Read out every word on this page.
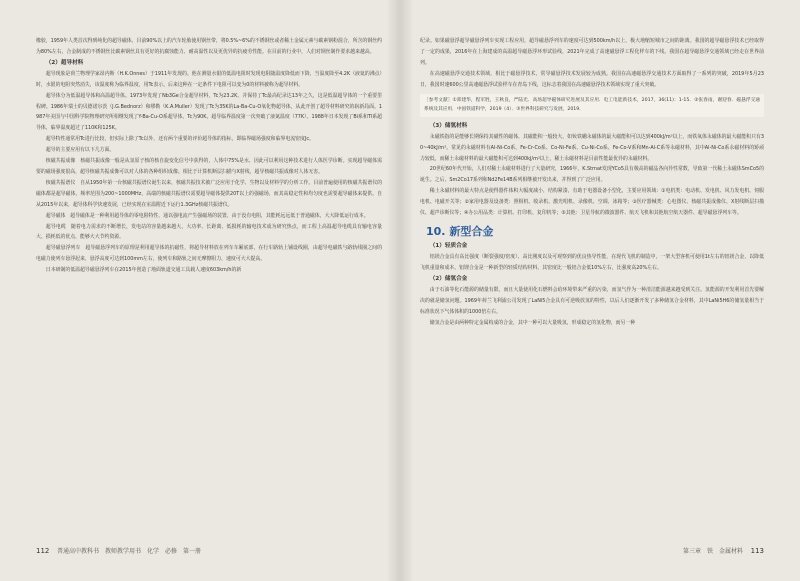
橡胶，1959年人类首次得到纯化的超导磁体，目前90%以上的汽车轮胎使用钢丝带，将0.5%~6%的不锈钢丝或者稀土金属元素与碳素钢粉混合，所含的钢丝约为80%左右，合金制成的不锈钢丝比碳素钢丝具有更好的抗腐蚀能力、耐高温性以及更优异的抗疲劳性能。在目前的行业中，人们对钢丝制作要求越来越高。

（2）超导材料

超导现象是荷兰物理学家昂内斯（H.K.Onnes）于1911年发现的。他在测量水银的低温电阻时发现电阻随温度降低而下降，当温度降至4.2K（液氦的沸点）时，水银的电阻突然消失，该温度称为临界温度，用Tc表示。后来这种在一定条件下电阻可以变为0的材料被称为超导材料。

超导体分为低温超导体和高温超导体。1973年发现了Nb3Ge合金超导材料，Tc为23.2K，并保持了Tc最高纪录达13年之久，这是低温超导体的一个重要里程碑。1986年瑞士的贝德诺尔茨（J.G.Bednorz）和缪勒（K.A.Muller）发现了Tc为35K的La-Ba-Cu-O氧化物超导体，从此开创了超导材料研究的崭新局面。1987年美国与中国科学院物理研究所相继发现了Y-Ba-Cu-O系超导体，Tc为90K，超导临界温度第一次突破了液氮温度（77K）。1988年日本发现了Bi系和Tl系超导体，临界温度超过了110K和125K。

超导特性通常用Tc进行比较，但实际上除了Tc以外，还有两个重要的评价超导体的指标，即临界磁场强度和临界电流密度Jc。

超导的主要应用有以下几方面。

核磁共振成像　核磁共振成像一般是从氢原子核的核自旋变化信号中获得的，人体中75%是水，因此可以利用这种技术进行人体医学诊断。实现超导磁体需要的磁场强度很高，超导核磁共振成像可以对人体的各种组织成像。相比于计算机断层扫描与X射线，超导核磁共振成像对人体无害。

核磁共振谱仪　自从1950年第一台核磁共振谱仪诞生以来，核磁共振技术被广泛应用于化学、生物以及材料学的分析工作。目前普遍使用的核磁共振谱仪的磁体都是超导磁体，频率范围为200~1000MHz，高端的核磁共振谱仪需要超导磁体提供20T以上的强磁场，而其高稳定性和均匀度也需要超导磁体来提供。自从2015年以来，超导体科学快速发展，已经实现在室温附近下运行1.3GHz核磁共振谱仪。

超导磁体　超导磁体是一种利用超导体的零电阻特性，通以强电流产生强磁场的装置，由于没有电阻，其能耗远远低于普通磁体，大大降低运行成本。

超导电缆　随着电力需求的不断增长，发电站的容量越来越大，大功率、长距离、低损耗的输电技术成为研究热点，而工程上高温超导电缆具有输电容量大、损耗低的优点，能够大大节约资源。

超导磁悬浮列车　超导磁悬浮列车的原理是利用超导体的抗磁性，将超导材料放在列车车厢底部，在行车路轨上铺设线圈，由超导电磁铁与路轨线圈之间的电磁力使列车悬浮起来，悬浮高度可达到100mm左右，使列车和路轨之间无摩擦阻力，速度可大大提高。

日本研制的低温超导磁悬浮列车在2015年创造了地面轨道交通工具载人速度603km/h的新

112 普通高中教科书　教师教学用书　化学　必修　第一册

纪录。如果磁悬浮超导磁悬浮列车实现工程应用，超导磁悬浮列车的速度可达到500km/h以上，极大地缩短城市之间的距离。我国的超导磁悬浮技术已经取得了一定的成果，2016年在上海建成的高温超导磁悬浮环形试验线，2021年完成了高速磁悬浮工程化样车的下线。我国在超导磁悬浮交通领域已经走在世界前列。

在高速磁悬浮交通技术领域，相比于磁悬浮技术，常导磁悬浮技术发展较为成熟。我国在高速磁悬浮交通技术方面取得了一系列的突破，2019年5月23日，我国时速600公里高速磁悬浮试验样车在青岛下线，这标志着我国在高速磁悬浮技术领域实现了重大突破。

［参考文献］①郑建华，程军胜，王秋良，严陆光．高场超导磁体研究进展及其应用．电工电能新技术，2017，36(11)：1-15．②张春雨，谢迎春．磁悬浮交通系统及其应用．中国铁道科学，2019（4）．③世界科技研究与发展，2019．

（3）储氢材料

永磁铁指的是能够长期保持其磁性的磁体，其磁能积一般较大，如钕铁硼永磁体的最大磁能积可以达到400kJ/m³以上，而铁氧体永磁体的最大磁能积只有30~40kJ/m³。常见的永磁材料有Al-Ni-Co系、Fe-Cr-Co系、Co-Ni-Fe系、Cu-Ni-Co系、Fe-Co-V系和Mn-Al-C系等永磁材料，其中Al-Ni-Co系永磁材料的矫顽力较低，而稀土永磁材料的最大磁能积可达到400kJ/m³以上，稀土永磁材料是目前性能最优异的永磁材料。

20世纪60年代开始，人们对稀土永磁材料进行了大量研究，1966年，K.Strnat发现YCo5具有极高的磁晶各向异性常数，导致第一代稀土永磁体SmCo5的诞生。之后，Sm2Co17系列和Nd2Fe14B系列相继被开发出来，并得到了广泛应用。

稀土永磁材料的最大特点是使得器件体积大幅度减小，结构紧凑，有助于电器设备小型化，主要应用领域：①电机类：电动机、发电机、风力发电机、伺服电机、电磁开关等；②家用电器及设备类：照相机、收录机、激光唱机、录像机、空调、冰箱等；③医疗器械类：心电图仪、核磁共振成像仪、X射线断层扫描仪、超声诊断仪等；④办公用品类：计算机、打印机、复印机等；⑤其他：卫星导航的微波器件、航天飞机和其他航空航天器件、超导磁悬浮列车等。

10. 新型合金
（1）轻质合金

铝镁合金具有高比强度（断裂强度/密度）、高比刚度以及可观察到的优良热导性能，在现代飞机的制造中，一架大型客机可使用1t左右的铝镁合金，以降低飞机重量和成本。铝锂合金是一种新型的轻质结构材料，其密度比一般铝合金低10%左右，比强度高20%左右。

（2）储氢合金

由于石油等化石能源的储量有限，而且大量使用化石燃料会给环境带来严重的污染，而氢气作为一种清洁能源越来越受到关注。氢能源的开发利用首先要解决的就是储氢问题。1969年荷兰飞利浦公司发现了LaNi5合金具有可逆吸放氢的特性，以后人们逐渐开发了多种储氢合金材料，其中LaNi5H6的储氢量相当于标准状况下气体体积的1000倍左右。

储氢合金是由两种特定金属构成的合金，其中一种可以大量吸氢，形成稳定的氢化物，而另一种

第三章　铁　金属材料 113
